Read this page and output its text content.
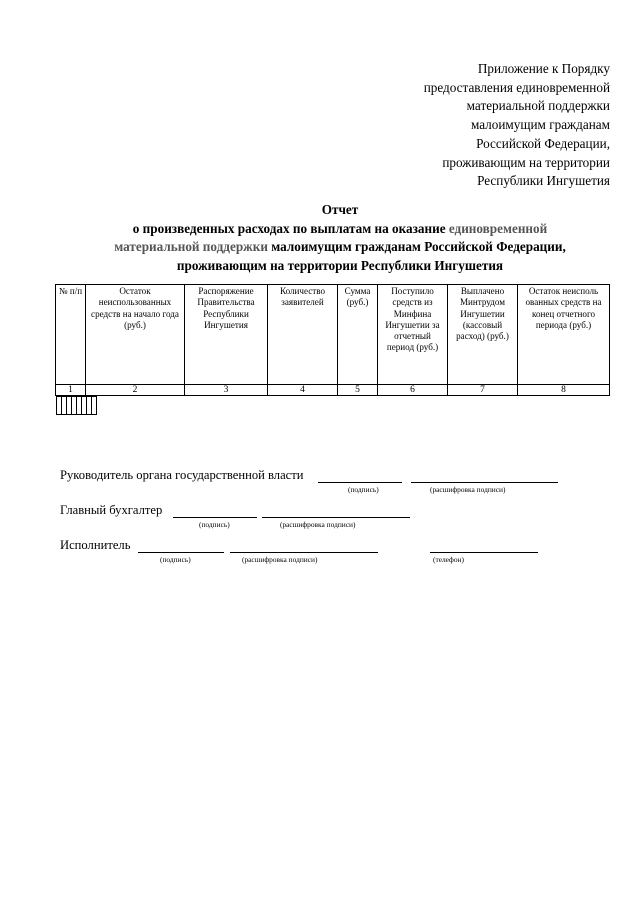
Приложение к Порядку
предоставления единовременной
материальной поддержки
малоимущим гражданам
Российской Федерации,
проживающим на территории
Республики Ингушетия
Отчет
о произведенных расходах по выплатам на оказание единовременной
материальной поддержки малоимущим гражданам Российской Федерации,
проживающим на территории Республики Ингушетия
№ п/п	Остаток неиспользованных средств на начало года (руб.)	Распоряжение Правительства Республики Ингушетия	Количество заявителей	Сумма (руб.)	Поступило средств из Минфина Ингушетии за отчетный период (руб.)	Выплачено Минтрудом Ингушетии (кассовый расход) (руб.)	Остаток неисполь ованных средств на конец отчетного периода (руб.)
1	2	3	4	5	6	7	8

Руководитель органа государственной власти
(подпись)	(расшифровка подписи)
Главный бухгалтер
(подпись)	(расшифровка подписи)
Исполнитель
(подпись)	(расшифровка подписи)	(телефон)
